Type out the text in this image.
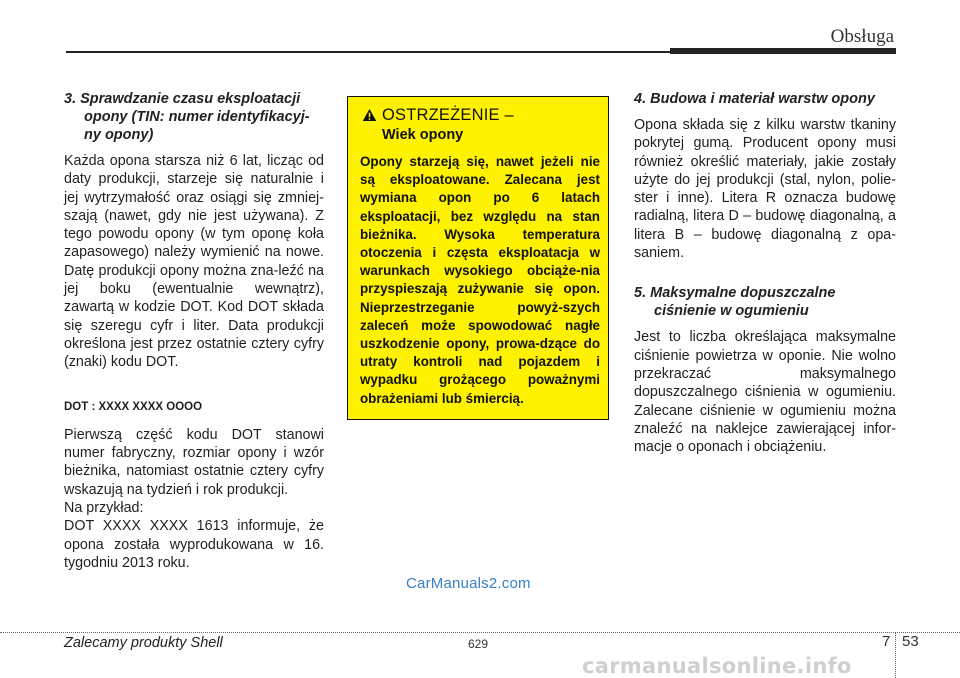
Obsługa

3. Sprawdzanie czasu eksploatacji opony (TIN: numer identyfikacyj-ny opony)

Każda opona starsza niż 6 lat, licząc od daty produkcji, starzeje się naturalnie i jej wytrzymałość oraz osiągi się zmniej-szają (nawet, gdy nie jest używana). Z tego powodu opony (w tym oponę koła zapasowego) należy wymienić na nowe. Datę produkcji opony można zna-leźć na jej boku (ewentualnie wewnątrz), zawartą w kodzie DOT. Kod DOT składa się szeregu cyfr i liter. Data produkcji określona jest przez ostatnie cztery cyfry (znaki) kodu DOT.

DOT : XXXX XXXX OOOO

Pierwszą część kodu DOT stanowi numer fabryczny, rozmiar opony i wzór bieżnika, natomiast ostatnie cztery cyfry wskazują na tydzień i rok produkcji.

Na przykład:

DOT XXXX XXXX 1613 informuje, że opona została wyprodukowana w 16. tygodniu 2013 roku.

OSTRZEŻENIE –
Wiek opony
Opony starzeją się, nawet jeżeli nie są eksploatowane. Zalecana jest wymiana opon po 6 latach eksploatacji, bez względu na stan bieżnika. Wysoka temperatura otoczenia i częsta eksploatacja w warunkach wysokiego obciąże-nia przyspieszają zużywanie się opon. Nieprzestrzeganie powyż-szych zaleceń może spowodować nagłe uszkodzenie opony, prowa-dzące do utraty kontroli nad pojazdem i wypadku grożącego poważnymi obrażeniami lub śmiercią.

4. Budowa i materiał warstw opony

Opona składa się z kilku warstw tkaniny pokrytej gumą. Producent opony musi również określić materiały, jakie zostały użyte do jej produkcji (stal, nylon, polie-ster i inne). Litera R oznacza budowę radialną, litera D – budowę diagonalną, a litera B – budowę diagonalną z opa-saniem.

5. Maksymalne dopuszczalne ciśnienie w ogumieniu

Jest to liczba określająca maksymalne ciśnienie powietrza w oponie. Nie wolno przekraczać maksymalnego dopuszczalnego ciśnienia w ogumieniu. Zalecane ciśnienie w ogumieniu można znaleźć na naklejce zawierającej infor-macje o oponach i obciążeniu.

CarManuals2.com
Zalecamy produkty Shell	629	7 53
carmanualsonline.info
